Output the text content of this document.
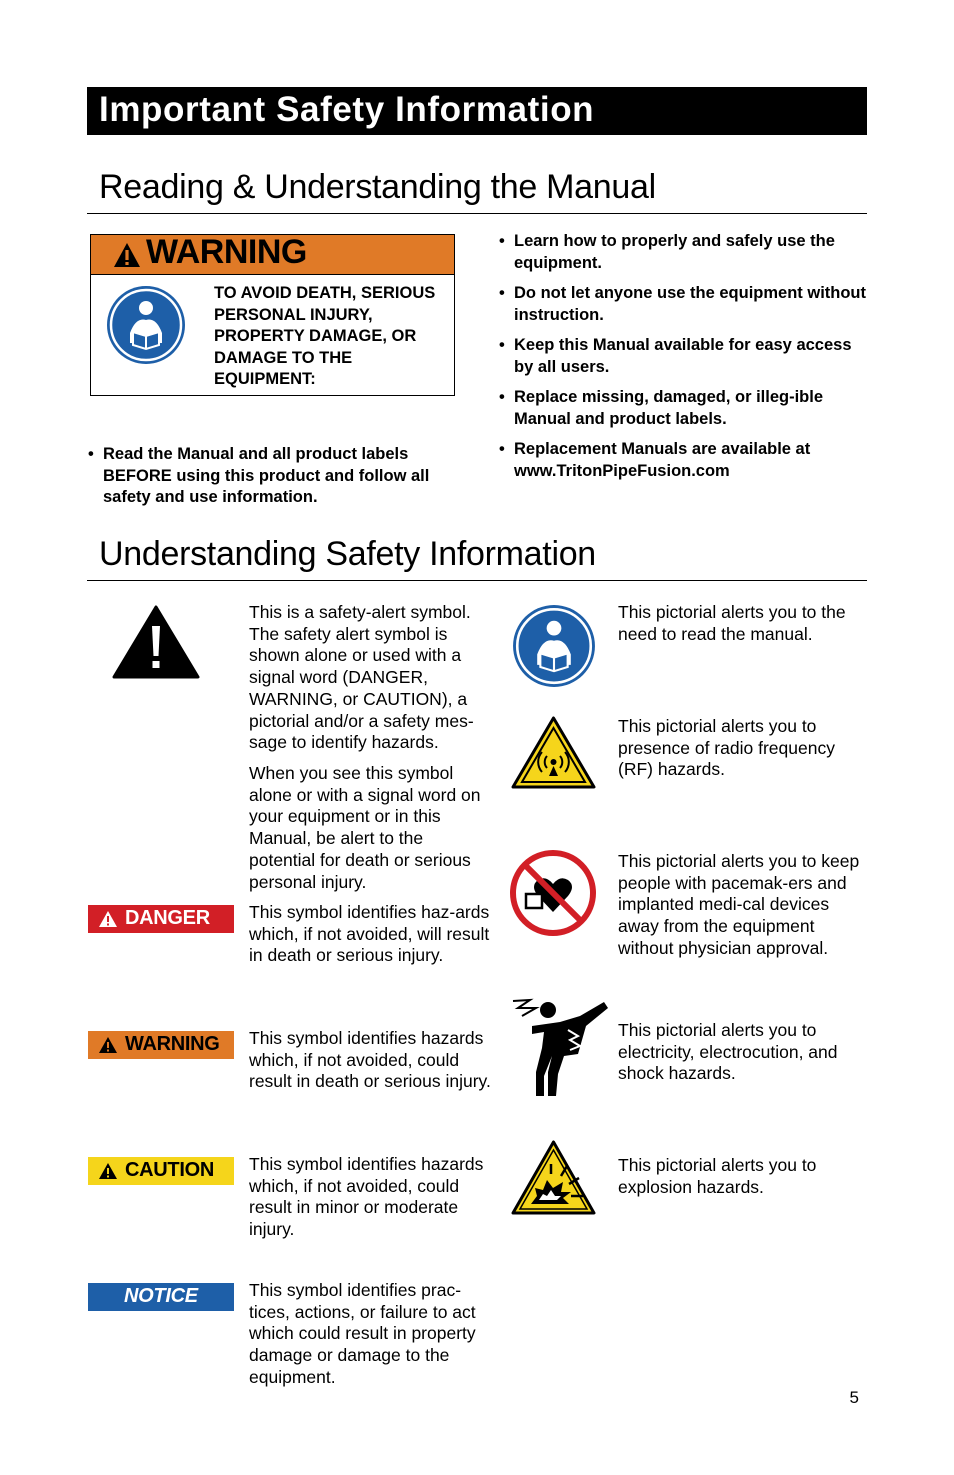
Important Safety Information
Reading & Understanding the Manual
WARNING
TO AVOID DEATH, SERIOUS PERSONAL INJURY, PROPERTY DAMAGE, OR DAMAGE TO THE EQUIPMENT:
• Read the Manual and all product labels BEFORE using this product and follow all safety and use information.
• Learn how to properly and safely use the equipment.
• Do not let anyone use the equipment without instruction.
• Keep this Manual available for easy access by all users.
• Replace missing, damaged, or illeg-ible Manual and product labels.
• Replacement Manuals are available at www.TritonPipeFusion.com
Understanding Safety Information
This is a safety-alert symbol. The safety alert symbol is shown alone or used with a signal word (DANGER, WARNING, or CAUTION), a pictorial and/or a safety mes-sage to identify hazards.
When you see this symbol alone or with a signal word on your equipment or in this Manual, be alert to the potential for death or serious personal injury.
DANGER This symbol identifies haz-ards which, if not avoided, will result in death or serious injury.
WARNING This symbol identifies hazards which, if not avoided, could result in death or serious injury.
CAUTION This symbol identifies hazards which, if not avoided, could result in minor or moderate injury.
NOTICE	This symbol identifies prac-tices, actions, or failure to act which could result in property damage or damage to the equipment.
This pictorial alerts you to the need to read the manual.
This pictorial alerts you to presence of radio frequency (RF) hazards.
This pictorial alerts you to keep people with pacemak-ers and implanted medi-cal devices away from the equipment without physician approval.
This pictorial alerts you to electricity, electrocution, and shock hazards.
This pictorial alerts you to explosion hazards.
5
